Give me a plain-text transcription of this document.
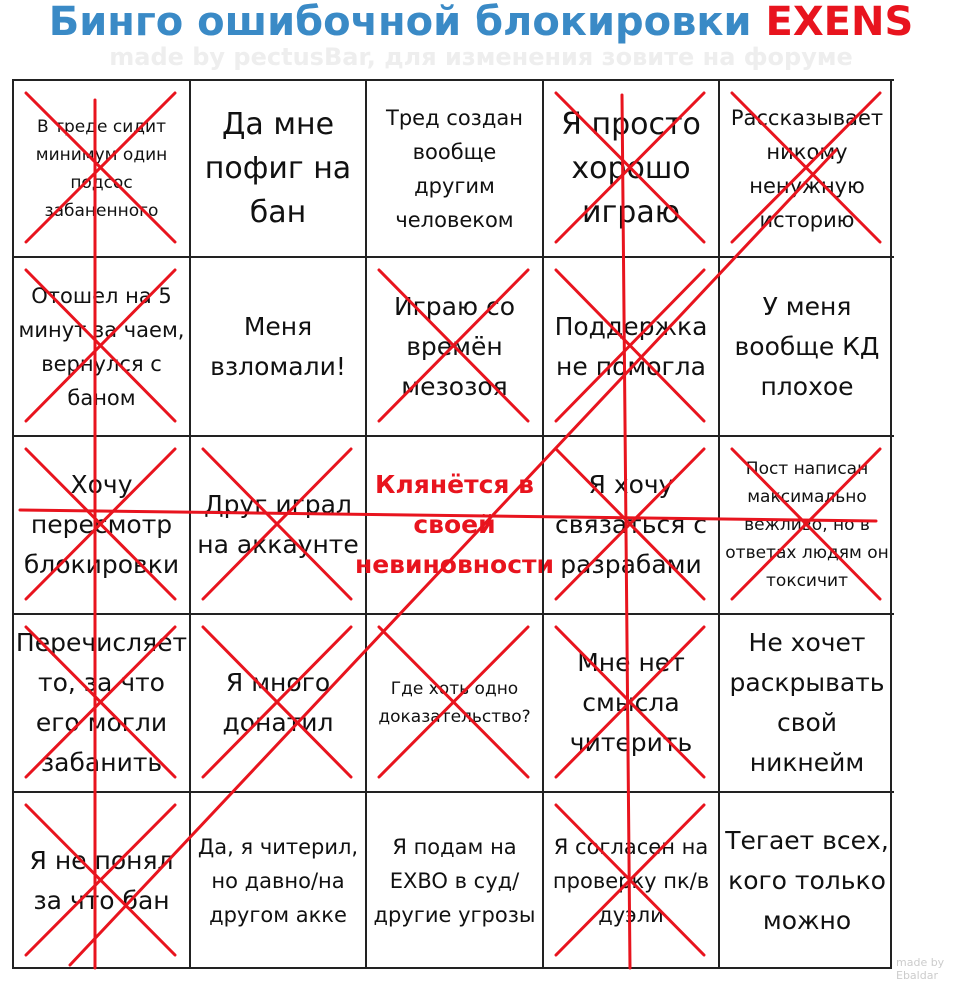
Бинго ошибочной блокировки EXENS
made by pectusBar, для изменения зовите на форуме
В треде сидит минимум один подсос забаненного
Да мне пофиг на бан
Тред создан вообще другим человеком
Я просто хорошо играю
Рассказывает никому ненужную историю
Отошел на 5 минут за чаем, вернулся с баном
Меня взломали!
Играю со времён мезозоя
Поддержка не помогла
У меня вообще КД плохое
Хочу пересмотр блокировки
Друг играл на аккаунте
Клянётся в своей невиновности
Я хочу связаться с разрабами
Пост написан максимально вежливо, но в ответах людям он токсичит
Перечисляет то, за что его могли забанить
Я много донатил
Где хоть одно доказательство?
Мне нет смысла читерить
Не хочет раскрывать свой никнейм
Я не понял за что бан
Да, я читерил, но давно/на другом акке
Я подам на EXBO в суд/другие угрозы
Я согласен на проверку пк/в дуэли
Тегает всех, кого только можно
made by Ebaldar
